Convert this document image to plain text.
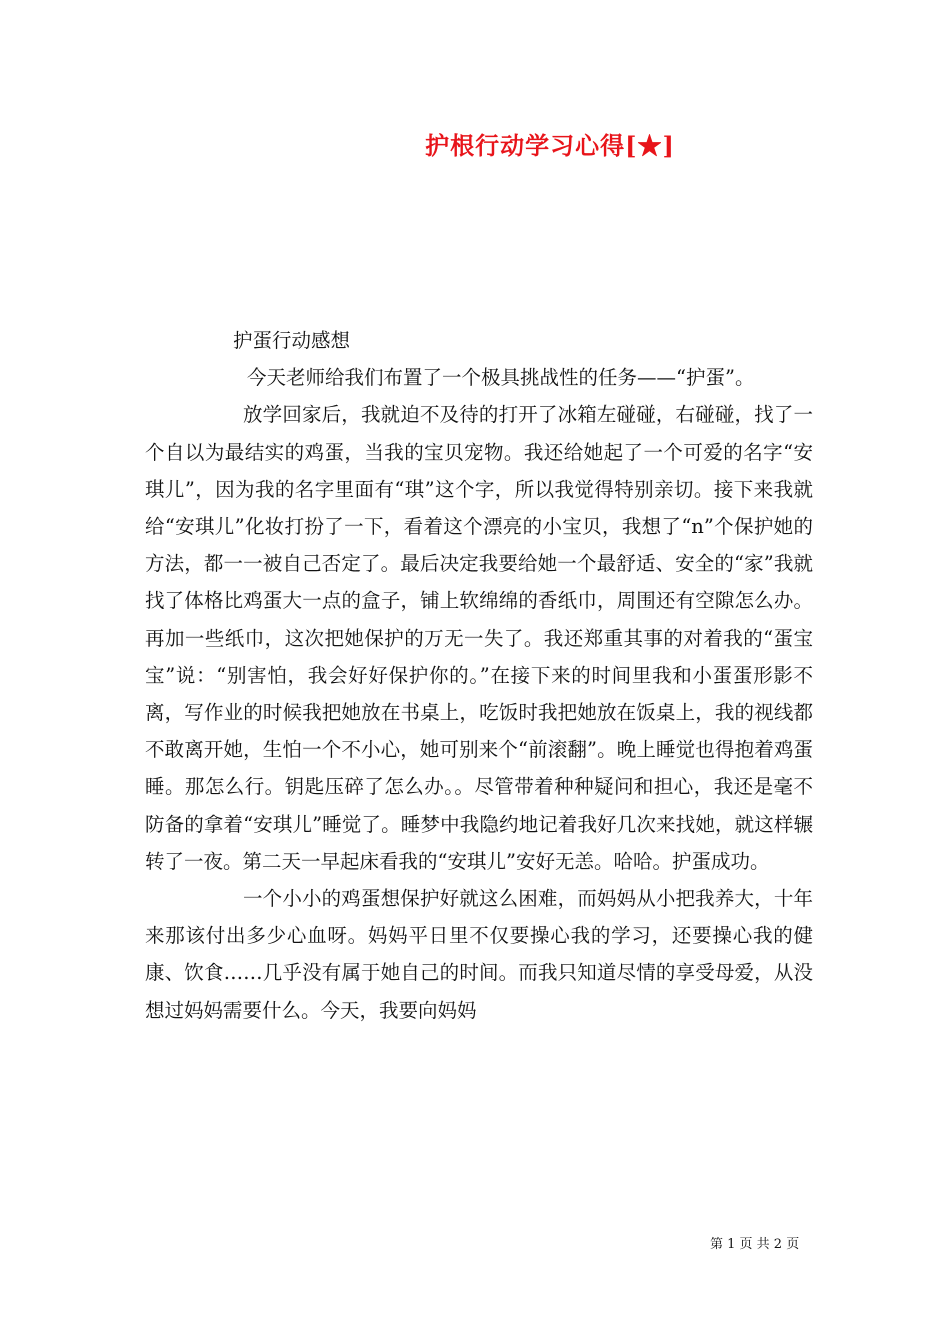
护根行动学习心得[★]

护蛋行动感想

今天老师给我们布置了一个极具挑战性的任务——“护蛋”。

放学回家后，我就迫不及待的打开了冰箱左碰碰，右碰碰，找了一个自以为最结实的鸡蛋，当我的宝贝宠物。我还给她起了一个可爱的名字“安琪儿”，因为我的名字里面有“琪”这个字，所以我觉得特别亲切。接下来我就给“安琪儿”化妆打扮了一下，看着这个漂亮的小宝贝，我想了“n”个保护她的方法，都一一被自己否定了。最后决定我要给她一个最舒适、安全的“家”我就找了体格比鸡蛋大一点的盒子，铺上软绵绵的香纸巾，周围还有空隙怎么办。再加一些纸巾，这次把她保护的万无一失了。我还郑重其事的对着我的“蛋宝宝”说：“别害怕，我会好好保护你的。”在接下来的时间里我和小蛋蛋形影不离，写作业的时候我把她放在书桌上，吃饭时我把她放在饭桌上，我的视线都不敢离开她，生怕一个不小心，她可别来个“前滚翻”。晚上睡觉也得抱着鸡蛋睡。那怎么行。钥匙压碎了怎么办。。尽管带着种种疑问和担心，我还是毫不防备的拿着“安琪儿”睡觉了。睡梦中我隐约地记着我好几次来找她，就这样辗转了一夜。第二天一早起床看我的“安琪儿”安好无恙。哈哈。护蛋成功。

一个小小的鸡蛋想保护好就这么困难，而妈妈从小把我养大，十年来那该付出多少心血呀。妈妈平日里不仅要操心我的学习，还要操心我的健康、饮食……几乎没有属于她自己的时间。而我只知道尽情的享受母爱，从没想过妈妈需要什么。今天，我要向妈妈

第 1 页 共 2 页
